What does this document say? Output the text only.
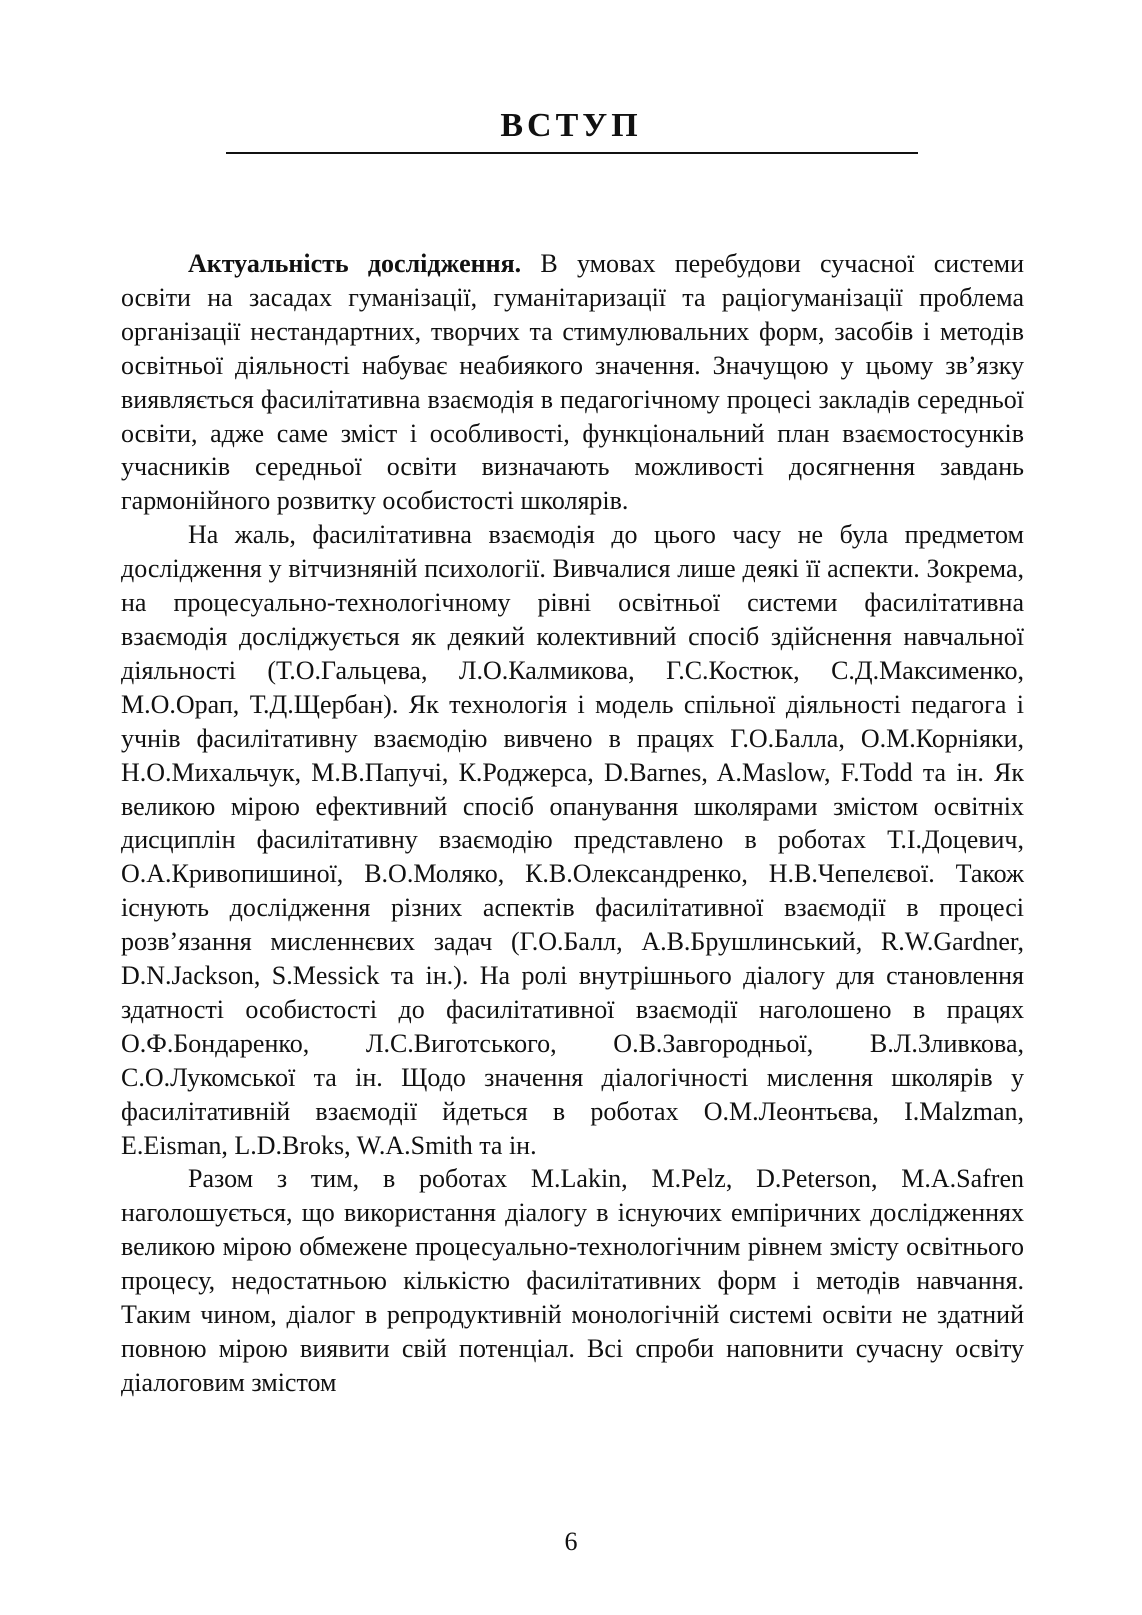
ВСТУП

Актуальність дослідження. В умовах перебудови сучасної системи освіти на засадах гуманізації, гуманітаризації та раціогуманізації проблема організації нестандартних, творчих та стимулювальних форм, засобів і методів освітньої діяльності набуває неабиякого значення. Значущою у цьому зв’язку виявляється фасилітативна взаємодія в педагогічному процесі закладів середньої освіти, адже саме зміст і особливості, функціональний план взаємостосунків учасників середньої освіти визначають можливості досягнення завдань гармонійного розвитку особистості школярів.

На жаль, фасилітативна взаємодія до цього часу не була предметом дослідження у вітчизняній психології. Вивчалися лише деякі її аспекти. Зокрема, на процесуально-технологічному рівні освітньої системи фасилітативна взаємодія досліджується як деякий колективний спосіб здійснення навчальної діяльності (Т.О.Гальцева, Л.О.Калмикова, Г.С.Костюк, С.Д.Максименко, М.О.Орап, Т.Д.Щербан). Як технологія і модель спільної діяльності педагога і учнів фасилітативну взаємодію вивчено в працях Г.О.Балла, О.М.Корніяки, Н.О.Михальчук, М.В.Папучі, К.Роджерса, D.Barnes, A.Maslow, F.Todd та ін. Як великою мірою ефективний спосіб опанування школярами змістом освітніх дисциплін фасилітативну взаємодію представлено в роботах Т.І.Доцевич, О.А.Кривопишиної, В.О.Моляко, К.В.Олександренко, Н.В.Чепелєвої. Також існують дослідження різних аспектів фасилітативної взаємодії в процесі розв’язання мисленнєвих задач (Г.О.Балл, А.В.Брушлинський, R.W.Gardner, D.N.Jackson, S.Messick та ін.). На ролі внутрішнього діалогу для становлення здатності особистості до фасилітативної взаємодії наголошено в працях О.Ф.Бондаренко, Л.С.Виготського, О.В.Завгородньої, В.Л.Зливкова, С.О.Лукомської та ін. Щодо значення діалогічності мислення школярів у фасилітативній взаємодії йдеться в роботах О.М.Леонтьєва, I.Malzman, E.Eisman, L.D.Broks, W.A.Smith та ін.

Разом з тим, в роботах M.Lakin, M.Pelz, D.Peterson, M.A.Safren наголошується, що використання діалогу в існуючих емпіричних дослідженнях великою мірою обмежене процесуально-технологічним рівнем змісту освітнього процесу, недостатньою кількістю фасилітативних форм і методів навчання. Таким чином, діалог в репродуктивній монологічній системі освіти не здатний повною мірою виявити свій потенціал. Всі спроби наповнити сучасну освіту діалоговим змістом

6
